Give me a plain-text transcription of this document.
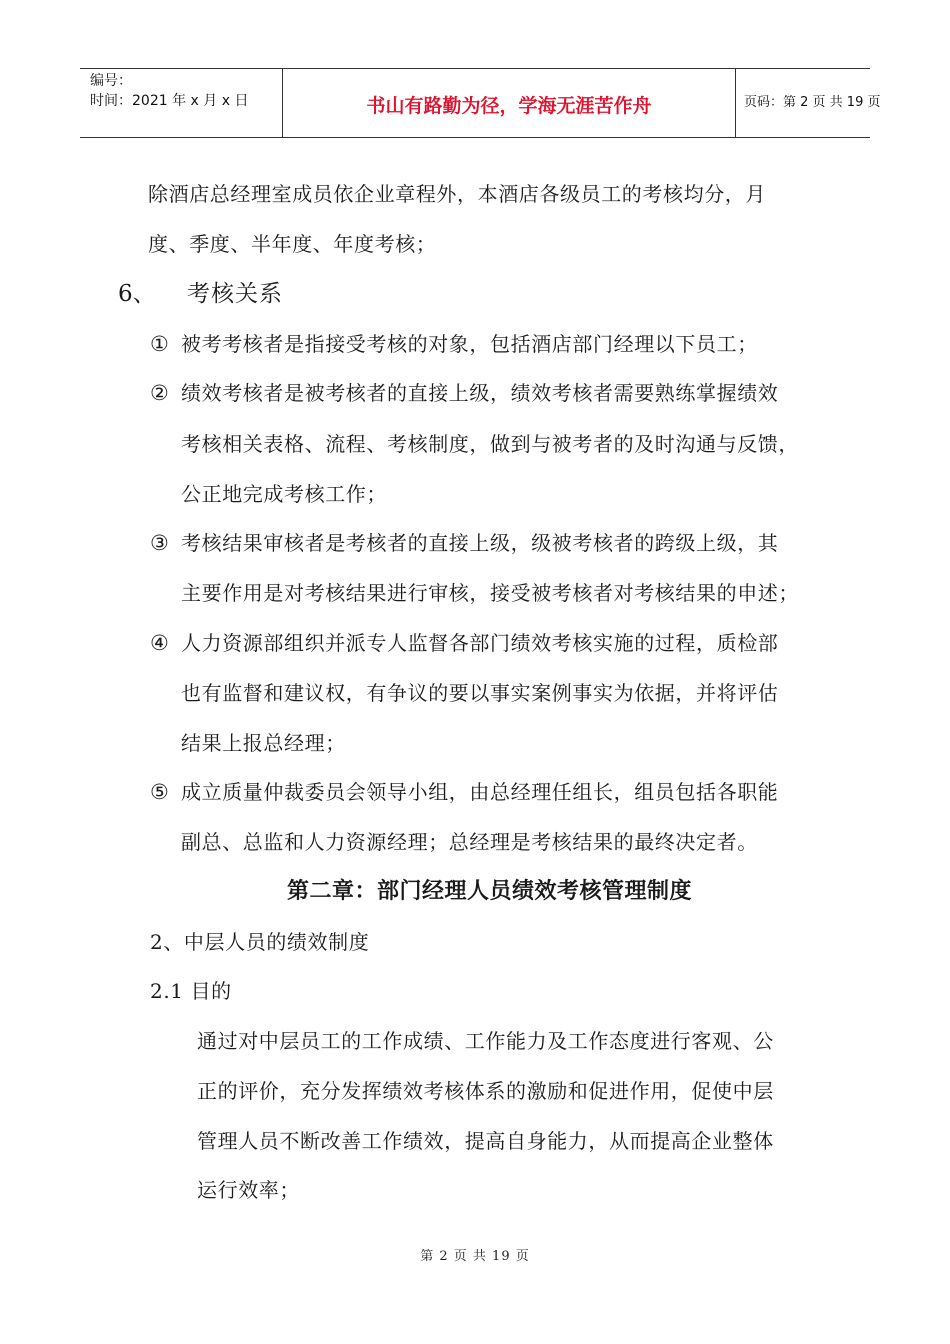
编号：
时间：2021 年 x 月 x 日	书山有路勤为径，学海无涯苦作舟	页码：第 2 页 共 19 页
除酒店总经理室成员依企业章程外，本酒店各级员工的考核均分，月
度、季度、半年度、年度考核；
6、 考核关系
① 被考考核者是指接受考核的对象，包括酒店部门经理以下员工；
② 绩效考核者是被考核者的直接上级，绩效考核者需要熟练掌握绩效
考核相关表格、流程、考核制度，做到与被考者的及时沟通与反馈，
公正地完成考核工作；
③ 考核结果审核者是考核者的直接上级，级被考核者的跨级上级，其
主要作用是对考核结果进行审核，接受被考核者对考核结果的申述；
④ 人力资源部组织并派专人监督各部门绩效考核实施的过程，质检部
也有监督和建议权，有争议的要以事实案例事实为依据，并将评估
结果上报总经理；
⑤ 成立质量仲裁委员会领导小组，由总经理任组长，组员包括各职能
副总、总监和人力资源经理；总经理是考核结果的最终决定者。
第二章：部门经理人员绩效考核管理制度
2、中层人员的绩效制度
2.1 目的
通过对中层员工的工作成绩、工作能力及工作态度进行客观、公
正的评价，充分发挥绩效考核体系的激励和促进作用，促使中层
管理人员不断改善工作绩效，提高自身能力，从而提高企业整体
运行效率；
第 2 页 共 19 页
